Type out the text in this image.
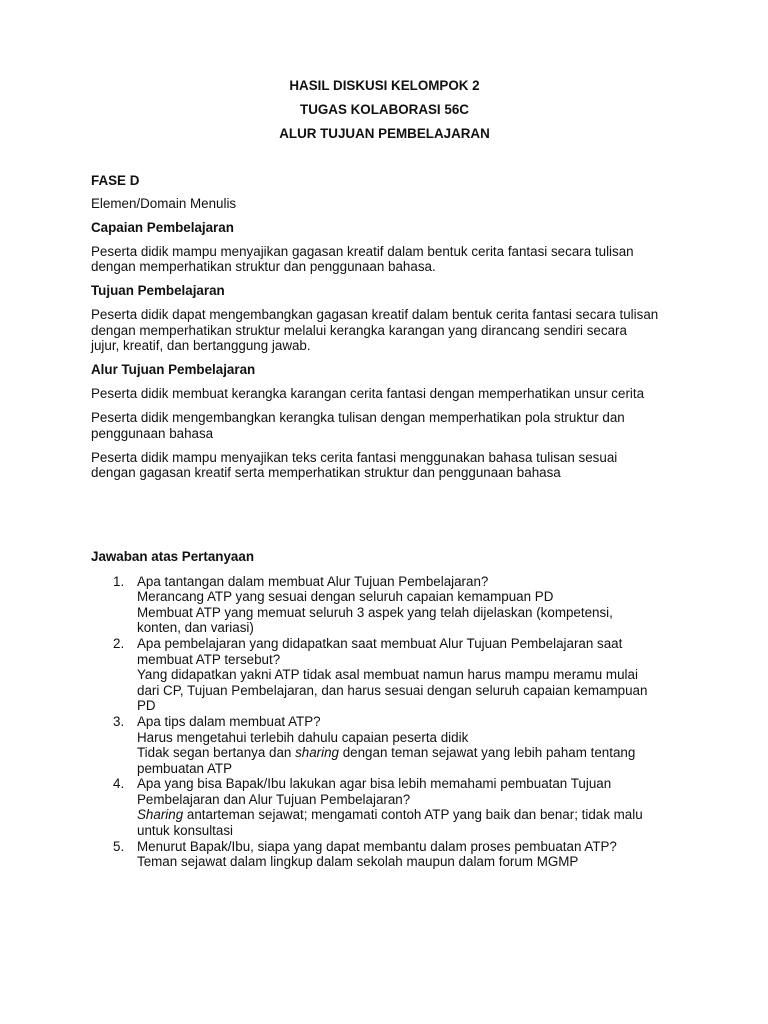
HASIL DISKUSI KELOMPOK 2
TUGAS KOLABORASI 56C
ALUR TUJUAN PEMBELAJARAN
FASE D
Elemen/Domain Menulis
Capaian Pembelajaran

Peserta didik mampu menyajikan gagasan kreatif dalam bentuk cerita fantasi secara tulisan
dengan memperhatikan struktur dan penggunaan bahasa.

Tujuan Pembelajaran

Peserta didik dapat mengembangkan gagasan kreatif dalam bentuk cerita fantasi secara tulisan
dengan memperhatikan struktur melalui kerangka karangan yang dirancang sendiri secara
jujur, kreatif, dan bertanggung jawab.

Alur Tujuan Pembelajaran

Peserta didik membuat kerangka karangan cerita fantasi dengan memperhatikan unsur cerita

Peserta didik mengembangkan kerangka tulisan dengan memperhatikan pola struktur dan
penggunaan bahasa

Peserta didik mampu menyajikan teks cerita fantasi menggunakan bahasa tulisan sesuai
dengan gagasan kreatif serta memperhatikan struktur dan penggunaan bahasa

Jawaban atas Pertanyaan
1. Apa tantangan dalam membuat Alur Tujuan Pembelajaran?
Merancang ATP yang sesuai dengan seluruh capaian kemampuan PD
Membuat ATP yang memuat seluruh 3 aspek yang telah dijelaskan (kompetensi,
konten, dan variasi)
2. Apa pembelajaran yang didapatkan saat membuat Alur Tujuan Pembelajaran saat
membuat ATP tersebut?
Yang didapatkan yakni ATP tidak asal membuat namun harus mampu meramu mulai
dari CP, Tujuan Pembelajaran, dan harus sesuai dengan seluruh capaian kemampuan
PD
3. Apa tips dalam membuat ATP?
Harus mengetahui terlebih dahulu capaian peserta didik
Tidak segan bertanya dan sharing dengan teman sejawat yang lebih paham tentang
pembuatan ATP
4. Apa yang bisa Bapak/Ibu lakukan agar bisa lebih memahami pembuatan Tujuan
Pembelajaran dan Alur Tujuan Pembelajaran?
Sharing antarteman sejawat; mengamati contoh ATP yang baik dan benar; tidak malu
untuk konsultasi
5. Menurut Bapak/Ibu, siapa yang dapat membantu dalam proses pembuatan ATP?
Teman sejawat dalam lingkup dalam sekolah maupun dalam forum MGMP
